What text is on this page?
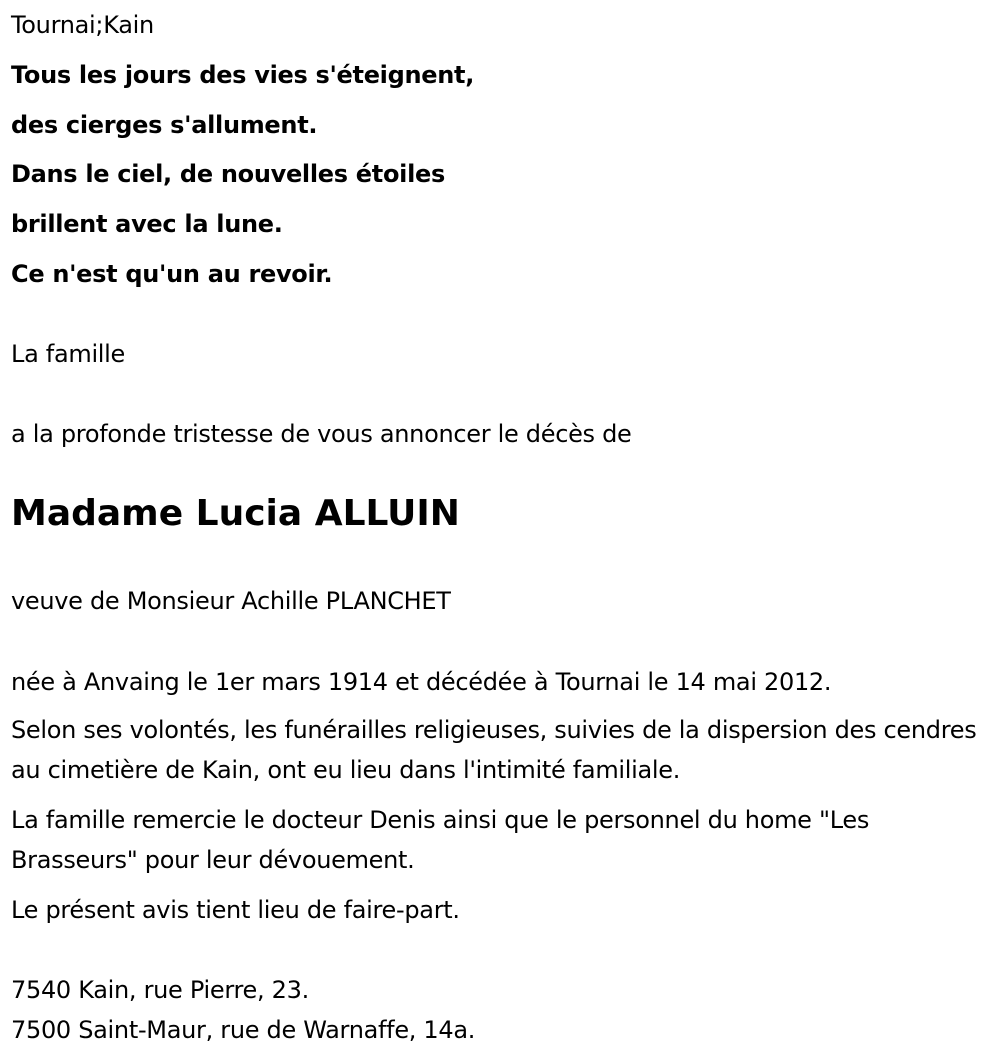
Tournai;Kain
Tous les jours des vies s'éteignent,
des cierges s'allument.
Dans le ciel, de nouvelles étoiles
brillent avec la lune.
Ce n'est qu'un au revoir.
La famille
a la profonde tristesse de vous annoncer le décès de
Madame Lucia ALLUIN
veuve de Monsieur Achille PLANCHET
née à Anvaing le 1er mars 1914 et décédée à Tournai le 14 mai 2012.
Selon ses volontés, les funérailles religieuses, suivies de la dispersion des cendres au cimetière de Kain, ont eu lieu dans l'intimité familiale.
La famille remercie le docteur Denis ainsi que le personnel du home "Les Brasseurs" pour leur dévouement.
Le présent avis tient lieu de faire-part.
7540 Kain, rue Pierre, 23.
7500 Saint-Maur, rue de Warnaffe, 14a.
